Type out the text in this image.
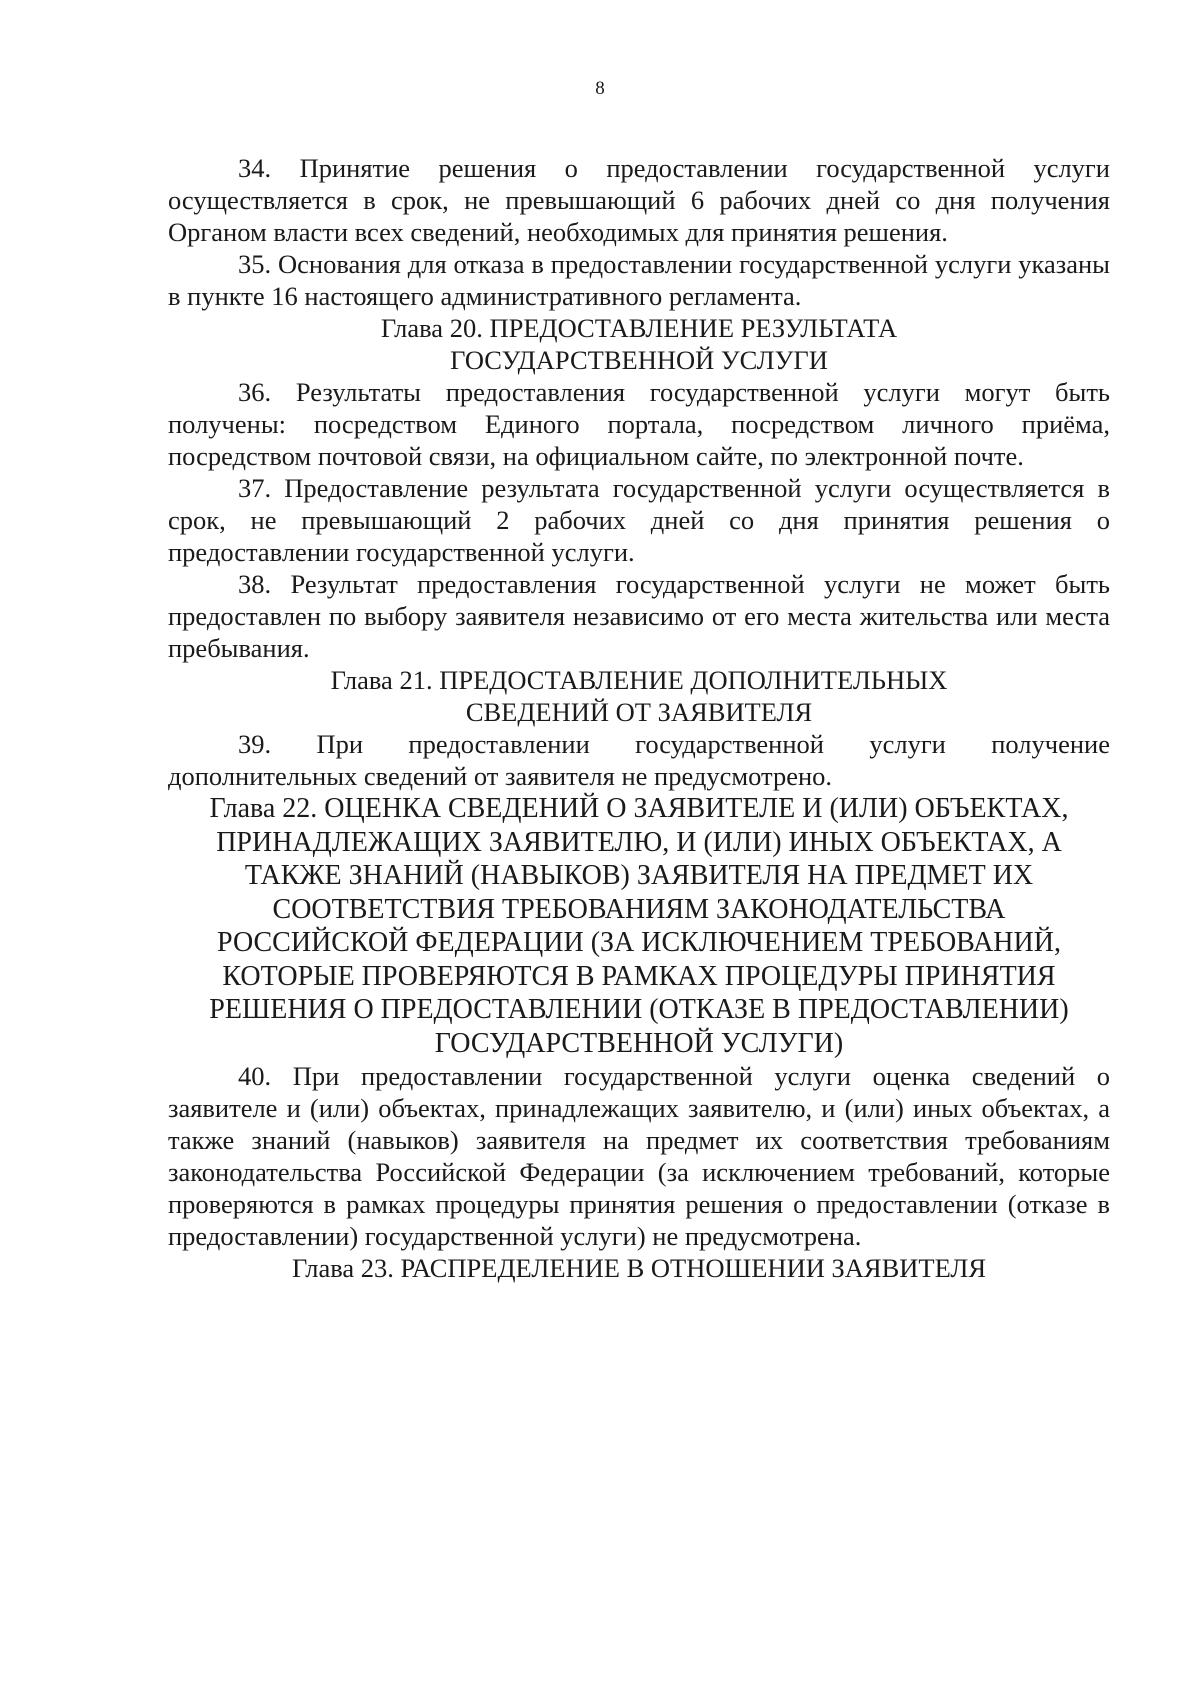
8

34. Принятие решения о предоставлении государственной услуги осуществляется в срок, не превышающий 6 рабочих дней со дня получения Органом власти всех сведений, необходимых для принятия решения.

35. Основания для отказа в предоставлении государственной услуги указаны в пункте 16 настоящего административного регламента.

Глава 20. ПРЕДОСТАВЛЕНИЕ РЕЗУЛЬТАТА
ГОСУДАРСТВЕННОЙ УСЛУГИ

36. Результаты предоставления государственной услуги могут быть получены: посредством Единого портала, посредством личного приёма, посредством почтовой связи, на официальном сайте, по электронной почте.

37. Предоставление результата государственной услуги осуществляется в срок, не превышающий 2 рабочих дней со дня принятия решения о предоставлении государственной услуги.

38. Результат предоставления государственной услуги не может быть предоставлен по выбору заявителя независимо от его места жительства или места пребывания.

Глава 21. ПРЕДОСТАВЛЕНИЕ ДОПОЛНИТЕЛЬНЫХ
СВЕДЕНИЙ ОТ ЗАЯВИТЕЛЯ

39. При предоставлении государственной услуги получение дополнительных сведений от заявителя не предусмотрено.

Глава 22. ОЦЕНКА СВЕДЕНИЙ О ЗАЯВИТЕЛЕ И (ИЛИ) ОБЪЕКТАХ,
ПРИНАДЛЕЖАЩИХ ЗАЯВИТЕЛЮ, И (ИЛИ) ИНЫХ ОБЪЕКТАХ, А
ТАКЖЕ ЗНАНИЙ (НАВЫКОВ) ЗАЯВИТЕЛЯ НА ПРЕДМЕТ ИХ
СООТВЕТСТВИЯ ТРЕБОВАНИЯМ ЗАКОНОДАТЕЛЬСТВА
РОССИЙСКОЙ ФЕДЕРАЦИИ (ЗА ИСКЛЮЧЕНИЕМ ТРЕБОВАНИЙ,
КОТОРЫЕ ПРОВЕРЯЮТСЯ В РАМКАХ ПРОЦЕДУРЫ ПРИНЯТИЯ
РЕШЕНИЯ О ПРЕДОСТАВЛЕНИИ (ОТКАЗЕ В ПРЕДОСТАВЛЕНИИ)
ГОСУДАРСТВЕННОЙ УСЛУГИ)

40. При предоставлении государственной услуги оценка сведений о заявителе и (или) объектах, принадлежащих заявителю, и (или) иных объектах, а также знаний (навыков) заявителя на предмет их соответствия требованиям законодательства Российской Федерации (за исключением требований, которые проверяются в рамках процедуры принятия решения о предоставлении (отказе в предоставлении) государственной услуги) не предусмотрена.

Глава 23. РАСПРЕДЕЛЕНИЕ В ОТНОШЕНИИ ЗАЯВИТЕЛЯ
